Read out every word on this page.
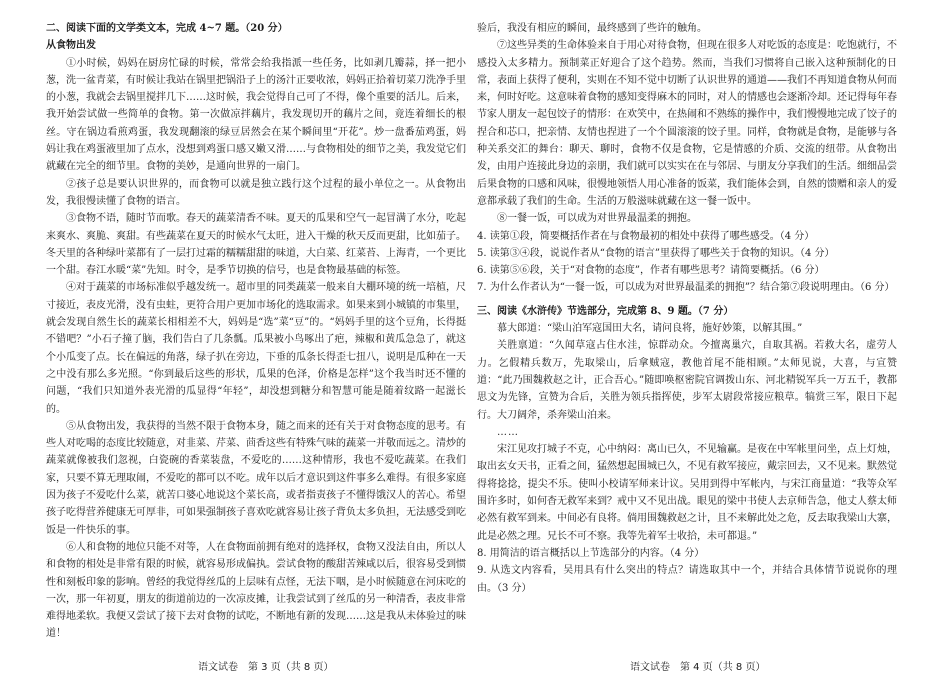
二、阅读下面的文学类文本，完成 4~7 题。（20 分）

从食物出发

①小时候，妈妈在厨房忙碌的时候，常常会给我指派一些任务，比如剥几瓣蒜，择一把小葱，洗一盆青菜，有时候让我站在锅里把锅沿子上的汤汁正要收浓，妈妈正拾着切菜刀洗净手里的小葱，我就会去锅里搅拌几下……这时候，我会觉得自己可了不得，像个重要的活儿。后来，我开始尝试做一些简单的食物。第一次做凉拌藕片，我发现切开的藕片之间，竟连着细长的根丝。守在锅边看煎鸡蛋，我发现翻滚的绿豆居然会在某个瞬间里“开花”。炒一盘番茄鸡蛋，妈妈让我在鸡蛋液里加了点水，没想到鸡蛋口感又嫩又滑……与食物相处的细节之美，我发觉它们就藏在完全的细节里。食物的美妙，是通向世界的一扇门。

②孩子总是要认识世界的，而食物可以就是独立践行这个过程的最小单位之一。从食物出发，我很慢读懂了食物的语言。

③食物不语，随时节而歌。春天的蔬菜清香不味。夏天的瓜果和空气一起冒满了水分，吃起来爽水、爽脆、爽甜。有些蔬菜在夏天的时候水气太旺，进入干燥的秋天反而更甜，比如茄子。冬天里的各种绿叶菜都有了一层打过霜的糯糯甜甜的味道，大白菜、红菜苔、上海青，一个更比一个甜。春江水暖“菜”先知。时令，是季节切换的信号，也是食物最基础的标签。

④对于蔬菜的市场标准似乎越发统一。超市里的同类蔬菜一般来自大棚环境的统一培植，尺寸接近，表皮光滑，没有虫蛀，更符合用户更加市场化的选取需求。如果来到小城镇的市集里，就会发现自然生长的蔬菜长相相差不大，妈妈是“选”菜“豆”的。“妈妈手里的这个豆角，长得挺不错吧？”小石子撞了脑，我们告白了几条瓢。瓜果被小鸟啄出了疤，辣椒和黄瓜急急了，就这个小瓜变了点。长在偏远的角落，绿子扒在旁边，下垂的瓜条长得歪七扭八，说明是瓜种在一天之中没有那么多光照。“你到最后这些的形状，瓜果的色泽，价格是怎样”这个我当时还不懂的问题，“我们只知道外表光滑的瓜显得“年轻”，却没想到糖分和智慧可能是随着纹路一起滋长的。

⑤从食物出发，我获得的当然不限于食物本身，随之而来的还有关于对食物态度的思考。有些人对吃喝的态度比较随意，对韭菜、芹菜、茴香这些有特殊气味的蔬菜一并敬而远之。清炒的蔬菜就像被我们忽视，白瓷碗的香菜装盘，不爱吃的……这种情形，我也不爱吃蔬菜。在我们家，只要不算无理取闹，不爱吃的都可以不吃。成年以后才意识到这件事多么难得。有很多家庭因为孩子不爱吃什么菜，就苦口婆心地说这个菜长高，或者指责孩子不懂得饿汉人的苦心。希望孩子吃得营养健康无可厚非，可如果强制孩子喜欢吃就容易让孩子背负太多负担，无法感受到吃饭是一件快乐的事。

⑥人和食物的地位只能不对等，人在食物面前拥有绝对的选择权，食物又没法自由，所以人和食物的相处是非常有限的时候，就容易形成偏执。尝试食物的酸甜苦辣咸以后，很容易受到惯性和刻板印象的影响。曾经的我觉得丝瓜的上层味有点怪，无法下咽，是小时候随意在河床吃的一次，那一年初夏，朋友的街道前边的一次凉皮摊，让我尝试到了丝瓜的另一种清香，表皮非常难得地柔软。我便又尝试了接下去对食物的试吃，不断地有新的发现……这是我从未体验过的味道！

验后，我没有相应的瞬间，最终感到了些许的触角。

⑦这些异类的生命体验来自于用心对待食物，但现在很多人对吃饭的态度是：吃饱就行，不感投入太多精力。预制菜正好迎合了这个趋势。然而，当我们习惯将自己嵌入这种预制化的日常，表面上获得了便利，实则在不知不觉中切断了认识世界的通道——我们不再知道食物从何而来，何时好吃。这意味着食物的感知变得麻木的同时，对人的情感也会逐渐冷却。还记得每年春节家人朋友一起包饺子的情形：在欢笑中，在热闹和不熟练的操作中，我们慢慢地完成了饺子的捏合和芯口，把亲情、友情也捏进了一个个圆滚滚的饺子里。同样，食物就是食物，是能够与各种关系交汇的舞台：聊天、聊时，食物不仅是食物，它是情感的介质、交流的纽带。从食物出发，由用户连接此身边的亲朋，我们就可以实实在在与邻居、与朋友分享我们的生活。细细品尝后果食物的口感和风味，很慢地领悟人用心准备的饭菜，我们能体会到，自然的馈赠和亲人的爱意都承载了我们的生命。生活的万般滋味就藏在这一餐一饭中。

⑧一餐一饭，可以成为对世界最温柔的拥抱。

4. 读第①段，简要概括作者在与食物最初的相处中获得了哪些感受。（4 分）

5. 读第③④段，说说作者从“食物的语言”里获得了哪些关于食物的知识。（4 分）

6. 读第⑤⑥段，关于“对食物的态度”，作者有哪些思考？请简要概括。（6 分）

7. 为什么作者认为“一餐一饭，可以成为对世界最温柔的拥抱”？结合第⑦段说明理由。（6 分）

三、阅读《水浒传》节选部分，完成第 8、9 题。（7 分）

慕大郎道：“梁山泊军寇国田大名，请问良将，施好妙策，以解其围。”

关胜禀道：“久闻草寇占住水洼，惊群动众。今擅离巢穴，自取其祸。若救大名，虚劳人力。乞假精兵数万，先取梁山，后拿贼寇，教他首尾不能相顾。”太师见说，大喜，与宣赞道：“此乃围魏救赵之计，正合吾心。”随即唤枢密院官调拨山东、河北精锐军兵一万五千，教都思文为先锋，宣赞为合后，关胜为领兵指挥使，步军太尉段常接应粮草。犒赏三军，限日下起行。大刀阔斧，杀奔梁山泊来。

……

宋江见攻打城子不克，心中纳闷：离山已久，不见输赢。是夜在中军帐里问坐，点上灯烛，取出玄女天书，正看之间，猛然想起围城已久，不见有救军接应，戴宗回去，又不见来。默然觉得将捻捻，提尖不乐。使叫小校请军师来计议。吴用到得中军帐内，与宋江商量道：“我等众军围许多时，如何杳无救军来到？戒中又不见出战。眼见的梁中书使人去京师告急，他丈人蔡太师必然有救军到来。中间必有良将。倘用围魏救赵之计，且不来解此处之危，反去取我梁山大寨，此是必然之理。兄长不可不察。我等先着军士收拾，未可都退。”

8. 用简洁的语言概括以上节选部分的内容。（4 分）

9. 从选文内容看，吴用具有什么突出的特点？请选取其中一个，并结合具体情节说说你的理由。（3 分）

语文试卷　第 3 页（共 8 页）	语文试卷　第 4 页（共 8 页）
